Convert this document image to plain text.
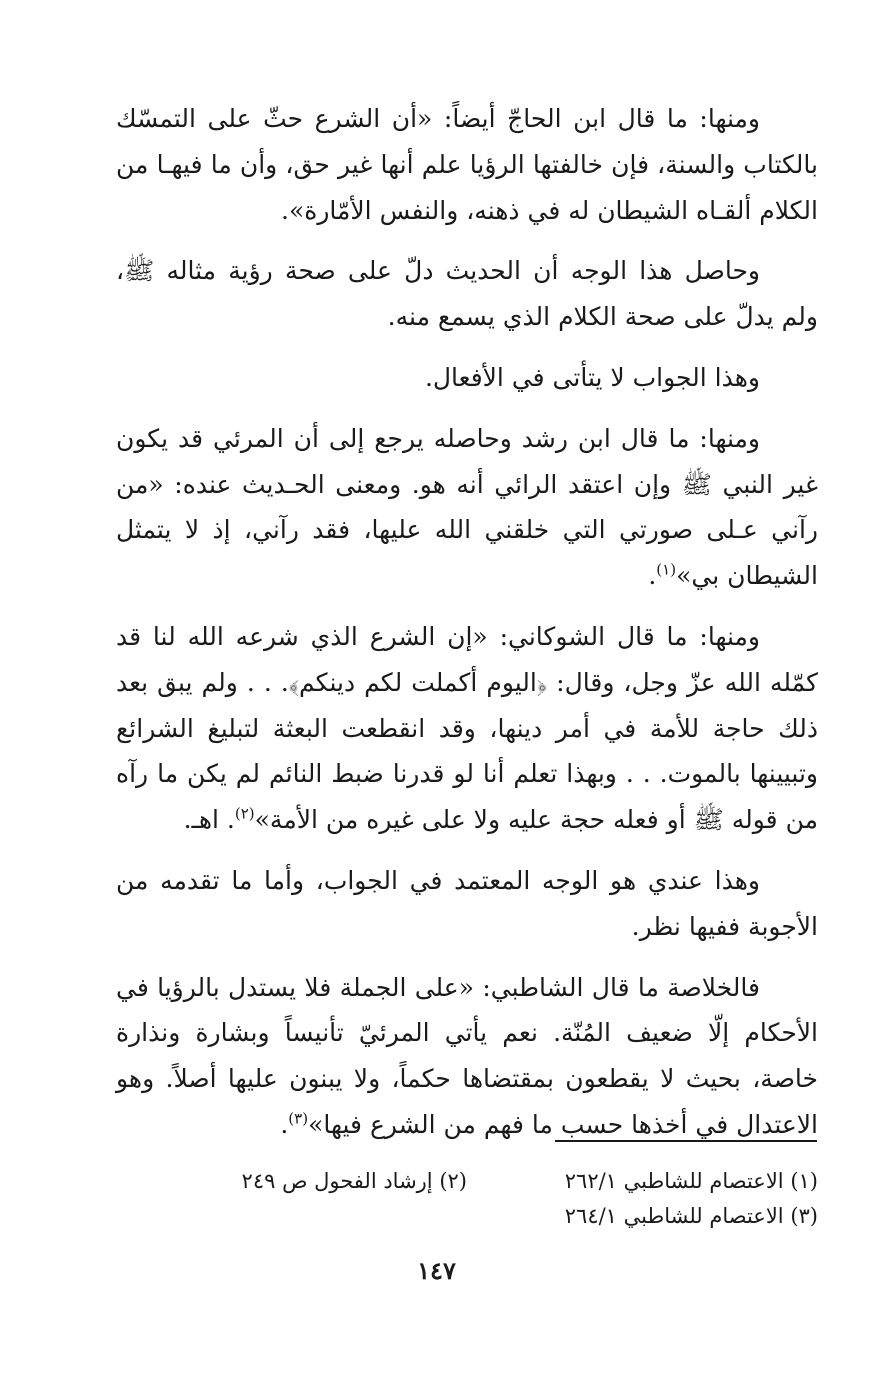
ومنها: ما قال ابن الحاجّ أيضاً: «أن الشرع حثّ على التمسّك بالكتاب والسنة، فإن خالفتها الرؤيا علم أنها غير حق، وأن ما فيهـا من الكلام ألقـاه الشيطان له في ذهنه، والنفس الأمّارة».

وحاصل هذا الوجه أن الحديث دلّ على صحة رؤية مثاله ﷺ، ولم يدلّ على صحة الكلام الذي يسمع منه.

وهذا الجواب لا يتأتى في الأفعال.

ومنها: ما قال ابن رشد وحاصله يرجع إلى أن المرئي قد يكون غير النبي ﷺ وإن اعتقد الرائي أنه هو. ومعنى الحـديث عنده: «من رآني عـلى صورتي التي خلقني الله عليها، فقد رآني، إذ لا يتمثل الشيطان بي»$^{(١)}$.

ومنها: ما قال الشوكاني: «إن الشرع الذي شرعه الله لنا قد كمّله الله عزّ وجل، وقال: ﴿اليوم أكملت لكم دينكم﴾. . . ولم يبق بعد ذلك حاجة للأمة في أمر دينها، وقد انقطعت البعثة لتبليغ الشرائع وتبيينها بالموت. . . وبهذا تعلم أنا لو قدرنا ضبط النائم لم يكن ما رآه من قوله ﷺ أو فعله حجة عليه ولا على غيره من الأمة»$^{(٢)}$. اهـ.

وهذا عندي هو الوجه المعتمد في الجواب، وأما ما تقدمه من الأجوبة ففيها نظر.

فالخلاصة ما قال الشاطبي: «على الجملة فلا يستدل بالرؤيا في الأحكام إلّا ضعيف المُنّة. نعم يأتي المرئيّ تأنيساً وبشارة ونذارة خاصة، بحيث لا يقطعون بمقتضاها حكماً، ولا يبنون عليها أصلاً. وهو الاعتدال في أخذها حسب ما فهم من الشرع فيها»$^{(٣)}$.

(١) الاعتصام للشاطبي ٢٦٢/١
(٢) إرشاد الفحول ص ٢٤٩
(٣) الاعتصام للشاطبي ٢٦٤/١
١٤٧
